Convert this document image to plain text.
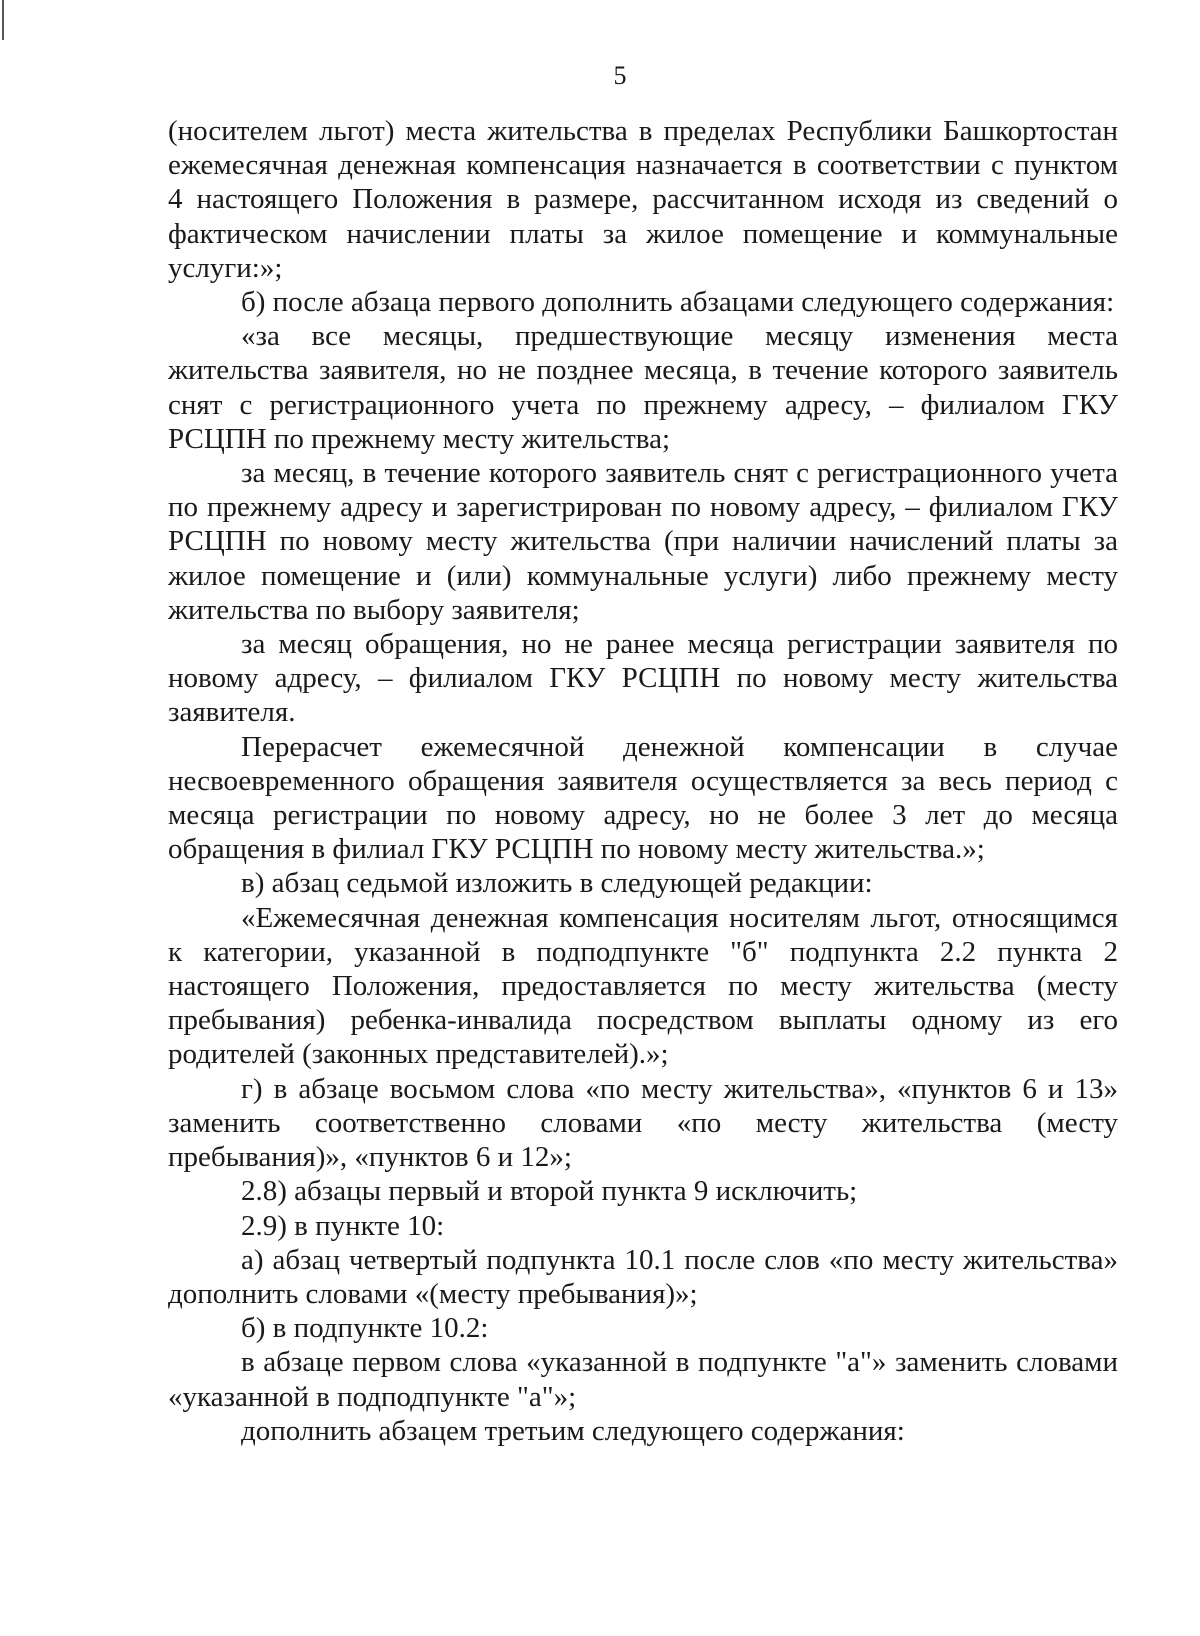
5

(носителем льгот) места жительства в пределах Республики Башкортостан ежемесячная денежная компенсация назначается в соответствии с пунктом 4 настоящего Положения в размере, рассчитанном исходя из сведений о фактическом начислении платы за жилое помещение и коммунальные услуги:»;

б) после абзаца первого дополнить абзацами следующего содержания:

«за все месяцы, предшествующие месяцу изменения места жительства заявителя, но не позднее месяца, в течение которого заявитель снят с регистрационного учета по прежнему адресу, – филиалом ГКУ РСЦПН по прежнему месту жительства;

за месяц, в течение которого заявитель снят с регистрационного учета по прежнему адресу и зарегистрирован по новому адресу, – филиалом ГКУ РСЦПН по новому месту жительства (при наличии начислений платы за жилое помещение и (или) коммунальные услуги) либо прежнему месту жительства по выбору заявителя;

за месяц обращения, но не ранее месяца регистрации заявителя по новому адресу, – филиалом ГКУ РСЦПН по новому месту жительства заявителя.

Перерасчет ежемесячной денежной компенсации в случае несвоевременного обращения заявителя осуществляется за весь период с месяца регистрации по новому адресу, но не более 3 лет до месяца обращения в филиал ГКУ РСЦПН по новому месту жительства.»;

в) абзац седьмой изложить в следующей редакции:

«Ежемесячная денежная компенсация носителям льгот, относящимся к категории, указанной в подподпункте "б" подпункта 2.2 пункта 2 настоящего Положения, предоставляется по месту жительства (месту пребывания) ребенка-инвалида посредством выплаты одному из его родителей (законных представителей).»;

г) в абзаце восьмом слова «по месту жительства», «пунктов 6 и 13» заменить соответственно словами «по месту жительства (месту пребывания)», «пунктов 6 и 12»;

2.8) абзацы первый и второй пункта 9 исключить;

2.9) в пункте 10:

а) абзац четвертый подпункта 10.1 после слов «по месту жительства» дополнить словами «(месту пребывания)»;

б) в подпункте 10.2:

в абзаце первом слова «указанной в подпункте "а"» заменить словами «указанной в подподпункте "а"»;

дополнить абзацем третьим следующего содержания:
